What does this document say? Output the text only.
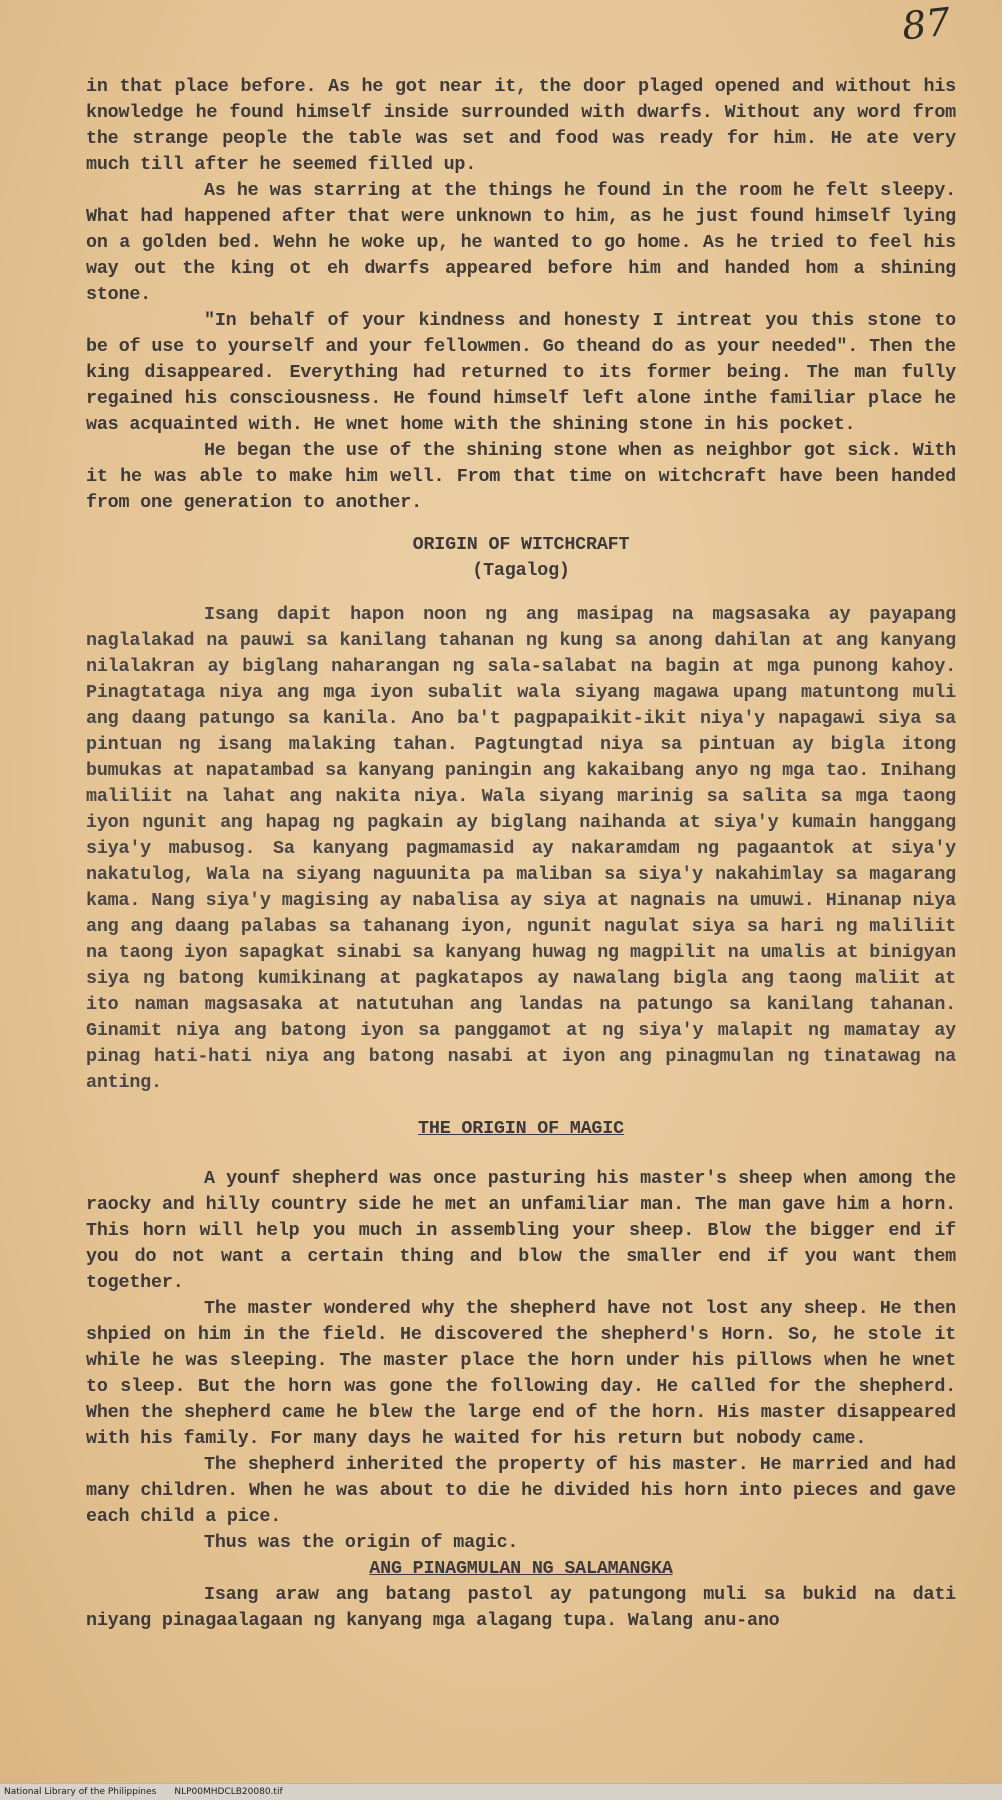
87

in that place before. As he got near it, the door plaged opened and without his knowledge he found himself inside surrounded with dwarfs. Without any word from the strange people the table was set and food was ready for him. He ate very much till after he seemed filled up.

As he was starring at the things he found in the room he felt sleepy. What had happened after that were unknown to him, as he just found himself lying on a golden bed. Wehn he woke up, he wanted to go home. As he tried to feel his way out the king ot eh dwarfs appeared before him and handed hom a shining stone.

"In behalf of your kindness and honesty I intreat you this stone to be of use to yourself and your fellowmen. Go theand do as your needed". Then the king disappeared. Everything had returned to its former being. The man fully regained his consciousness. He found himself left alone inthe familiar place he was acquainted with. He wnet home with the shining stone in his pocket.

He began the use of the shining stone when as neighbor got sick. With it he was able to make him well. From that time on witchcraft have been handed from one generation to another.

ORIGIN OF WITCHCRAFT

(Tagalog)

Isang dapit hapon noon ng ang masipag na magsasaka ay payapang naglalakad na pauwi sa kanilang tahanan ng kung sa anong dahilan at ang kanyang nilalakran ay biglang naharangan ng sala-salabat na bagin at mga punong kahoy. Pinagtataga niya ang mga iyon subalit wala siyang magawa upang matuntong muli ang daang patungo sa kanila. Ano ba't pagpapaikit-ikit niya'y napagawi siya sa pintuan ng isang malaking tahan. Pagtungtad niya sa pintuan ay bigla itong bumukas at napatambad sa kanyang paningin ang kakaibang anyo ng mga tao. Inihang maliliit na lahat ang nakita niya. Wala siyang marinig sa salita sa mga taong iyon ngunit ang hapag ng pagkain ay biglang naihanda at siya'y kumain hanggang siya'y mabusog. Sa kanyang pagmamasid ay nakaramdam ng pagaantok at siya'y nakatulog, Wala na siyang naguunita pa maliban sa siya'y nakahimlay sa magarang kama. Nang siya'y magising ay nabalisa ay siya at nagnais na umuwi. Hinanap niya ang ang daang palabas sa tahanang iyon, ngunit nagulat siya sa hari ng maliliit na taong iyon sapagkat sinabi sa kanyang huwag ng magpilit na umalis at binigyan siya ng batong kumikinang at pagkatapos ay nawalang bigla ang taong maliit at ito naman magsasaka at natutuhan ang landas na patungo sa kanilang tahanan. Ginamit niya ang batong iyon sa panggamot at ng siya'y malapit ng mamatay ay pinag hati-hati niya ang batong nasabi at iyon ang pinagmulan ng tinatawag na anting.

THE ORIGIN OF MAGIC

A younf shepherd was once pasturing his master's sheep when among the raocky and hilly country side he met an unfamiliar man. The man gave him a horn. This horn will help you much in assembling your sheep. Blow the bigger end if you do not want a certain thing and blow the smaller end if you want them together.

The master wondered why the shepherd have not lost any sheep. He then shpied on him in the field. He discovered the shepherd's Horn. So, he stole it while he was sleeping. The master place the horn under his pillows when he wnet to sleep. But the horn was gone the following day. He called for the shepherd. When the shepherd came he blew the large end of the horn. His master disappeared with his family. For many days he waited for his return but nobody came.

The shepherd inherited the property of his master. He married and had many children. When he was about to die he divided his horn into pieces and gave each child a pice.

Thus was the origin of magic.

ANG PINAGMULAN NG SALAMANGKA

Isang araw ang batang pastol ay patungong muli sa bukid na dati niyang pinagaalagaan ng kanyang mga alagang tupa. Walang anu-ano

National Library of the Philippines NLP00MHDCLB20080.tif
